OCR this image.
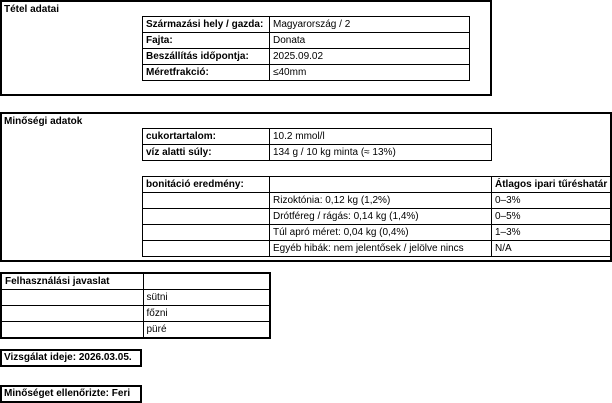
Tétel adatai
Származási hely / gazda:	Magyarország / 2
Fajta:	Donata
Beszállítás időpontja:	2025.09.02
Méretfrakció:	≤40mm
Minőségi adatok
cukortartalom:	10.2 mmol/l
víz alatti súly:	134 g / 10 kg minta (≈ 13%)
bonitáció eredmény:		Átlagos ipari tűréshatár
	Rizoktónia: 0,12 kg (1,2%)	0–3%
	Drótféreg / rágás: 0,14 kg (1,4%)	0–5%
	Túl apró méret: 0,04 kg (0,4%)	1–3%
	Egyéb hibák: nem jelentősek / jelölve nincs	N/A
Felhasználási javaslat	
	sütni
	főzni
	püré
Vizsgálat ideje: 2026.03.05.
Minőséget ellenőrizte: Feri
